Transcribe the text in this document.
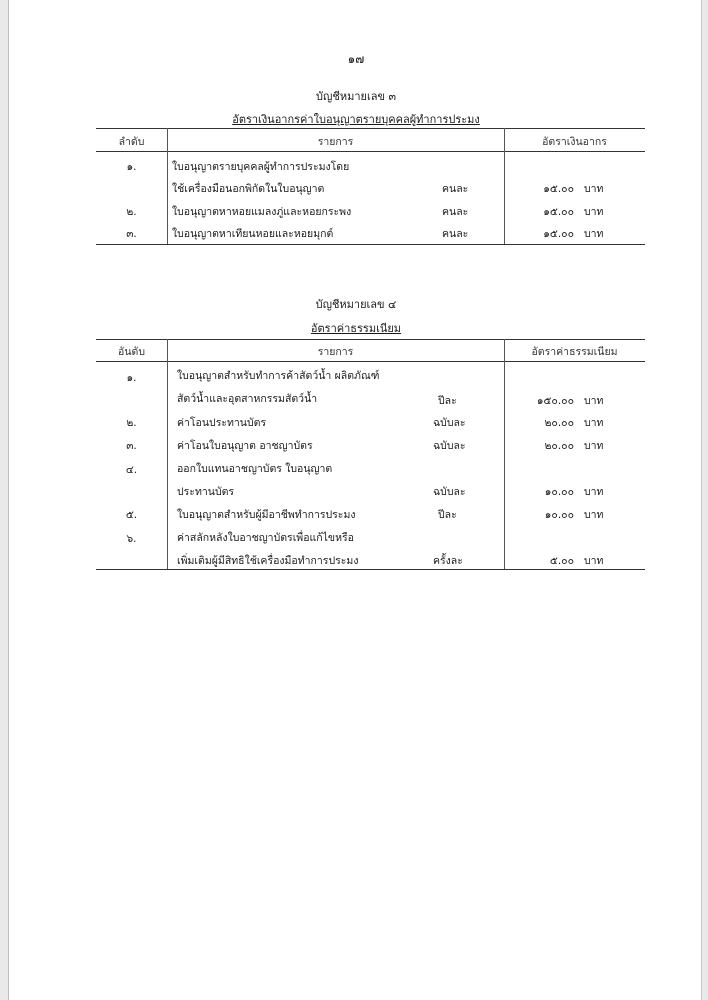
๑๗
บัญชีหมายเลข ๓
อัตราเงินอากรค่าใบอนุญาตรายบุคคลผู้ทำการประมง
ลำดับ	รายการ	อัตราเงินอากร
๑.	ใบอนุญาตรายบุคคลผู้ทำการประมงโดย
ใช้เครื่องมือนอกพิกัดในใบอนุญาต	คนละ	๑๕.๐๐ บาท
๒.	ใบอนุญาตหาหอยแมลงภู่และหอยกระพง	คนละ	๑๕.๐๐ บาท
๓.	ใบอนุญาตหาเทียนหอยและหอยมุกต์	คนละ	๑๕.๐๐ บาท
บัญชีหมายเลข ๔
อัตราค่าธรรมเนียม
อันดับ	รายการ	อัตราค่าธรรมเนียม
๑.	ใบอนุญาตสำหรับทำการค้าสัตว์น้ำ ผลิตภัณฑ์
สัตว์น้ำและอุตสาหกรรมสัตว์น้ำ	ปีละ	๑๕๐.๐๐ บาท
๒.	ค่าโอนประทานบัตร	ฉบับละ	๒๐.๐๐ บาท
๓.	ค่าโอนใบอนุญาต อาชญาบัตร	ฉบับละ	๒๐.๐๐ บาท
๔.	ออกใบแทนอาชญาบัตร ใบอนุญาต
ประทานบัตร	ฉบับละ	๑๐.๐๐ บาท
๕.	ใบอนุญาตสำหรับผู้มีอาชีพทำการประมง	ปีละ	๑๐.๐๐ บาท
๖.	ค่าสลักหลังใบอาชญาบัตรเพื่อแก้ไขหรือ
เพิ่มเติมผู้มีสิทธิใช้เครื่องมือทำการประมง	ครั้งละ	๕.๐๐ บาท
